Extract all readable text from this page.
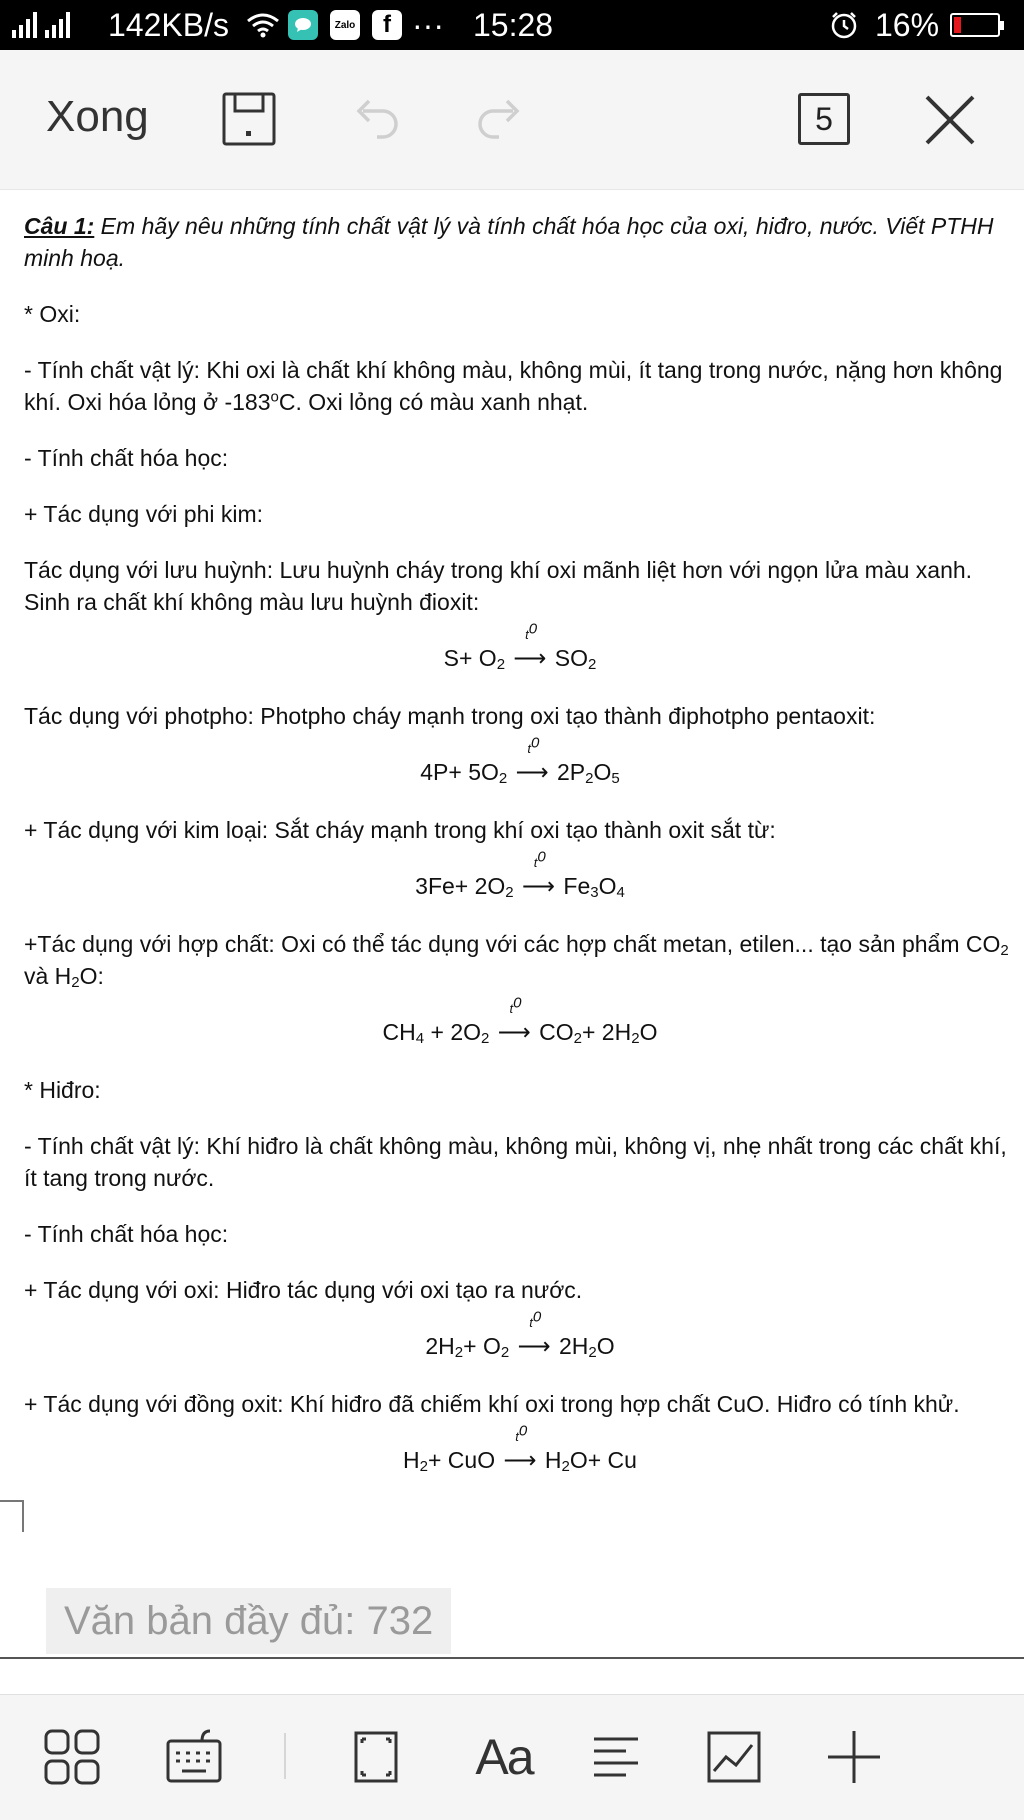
142KB/s	Zalo	f ··· 15:28	16%
Xong	5

Câu 1: Em hãy nêu những tính chất vật lý và tính chất hóa học của oxi, hiđro, nước. Viết PTHH minh hoạ.

* Oxi:

- Tính chất vật lý: Khi oxi là chất khí không màu, không mùi, ít tang trong nước, nặng hơn không khí. Oxi hóa lỏng ở -183$^o$C. Oxi lỏng có màu xanh nhạt.

- Tính chất hóa học:

+ Tác dụng với phi kim:

Tác dụng với lưu huỳnh: Lưu huỳnh cháy trong khí oxi mãnh liệt hơn với ngọn lửa màu xanh. Sinh ra chất khí không màu lưu huỳnh đioxit:

$S+ O_2$
$t^0$
⟶ $SO_2$

Tác dụng với photpho: Photpho cháy mạnh trong oxi tạo thành điphotpho pentaoxit:

$4P+ 5O_2$
$t^0$
⟶ $2P_2O_5$

+ Tác dụng với kim loại: Sắt cháy mạnh trong khí oxi tạo thành oxit sắt từ:

$3Fe+ 2O_2$
$t^0$
⟶ $Fe_3O_4$

+Tác dụng với hợp chất: Oxi có thể tác dụng với các hợp chất metan, etilen... tạo sản phẩm $CO_2$ và $H_2O$:

$CH_4 + 2O_2$
$t^0$
⟶ $CO_2+ 2H_2O$

* Hiđro:

- Tính chất vật lý: Khí hiđro là chất không màu, không mùi, không vị, nhẹ nhất trong các chất khí, ít tang trong nước.

- Tính chất hóa học:

+ Tác dụng với oxi: Hiđro tác dụng với oxi tạo ra nước.

$2H_2+ O_2$
$t^0$
⟶ $2H_2O$

+ Tác dụng với đồng oxit: Khí hiđro đã chiếm khí oxi trong hợp chất CuO. Hiđro có tính khử.

$H_2+$ CuO
$t^0$
⟶ $H_2O+ Cu$

Văn bản đầy đủ: 732
Aa
